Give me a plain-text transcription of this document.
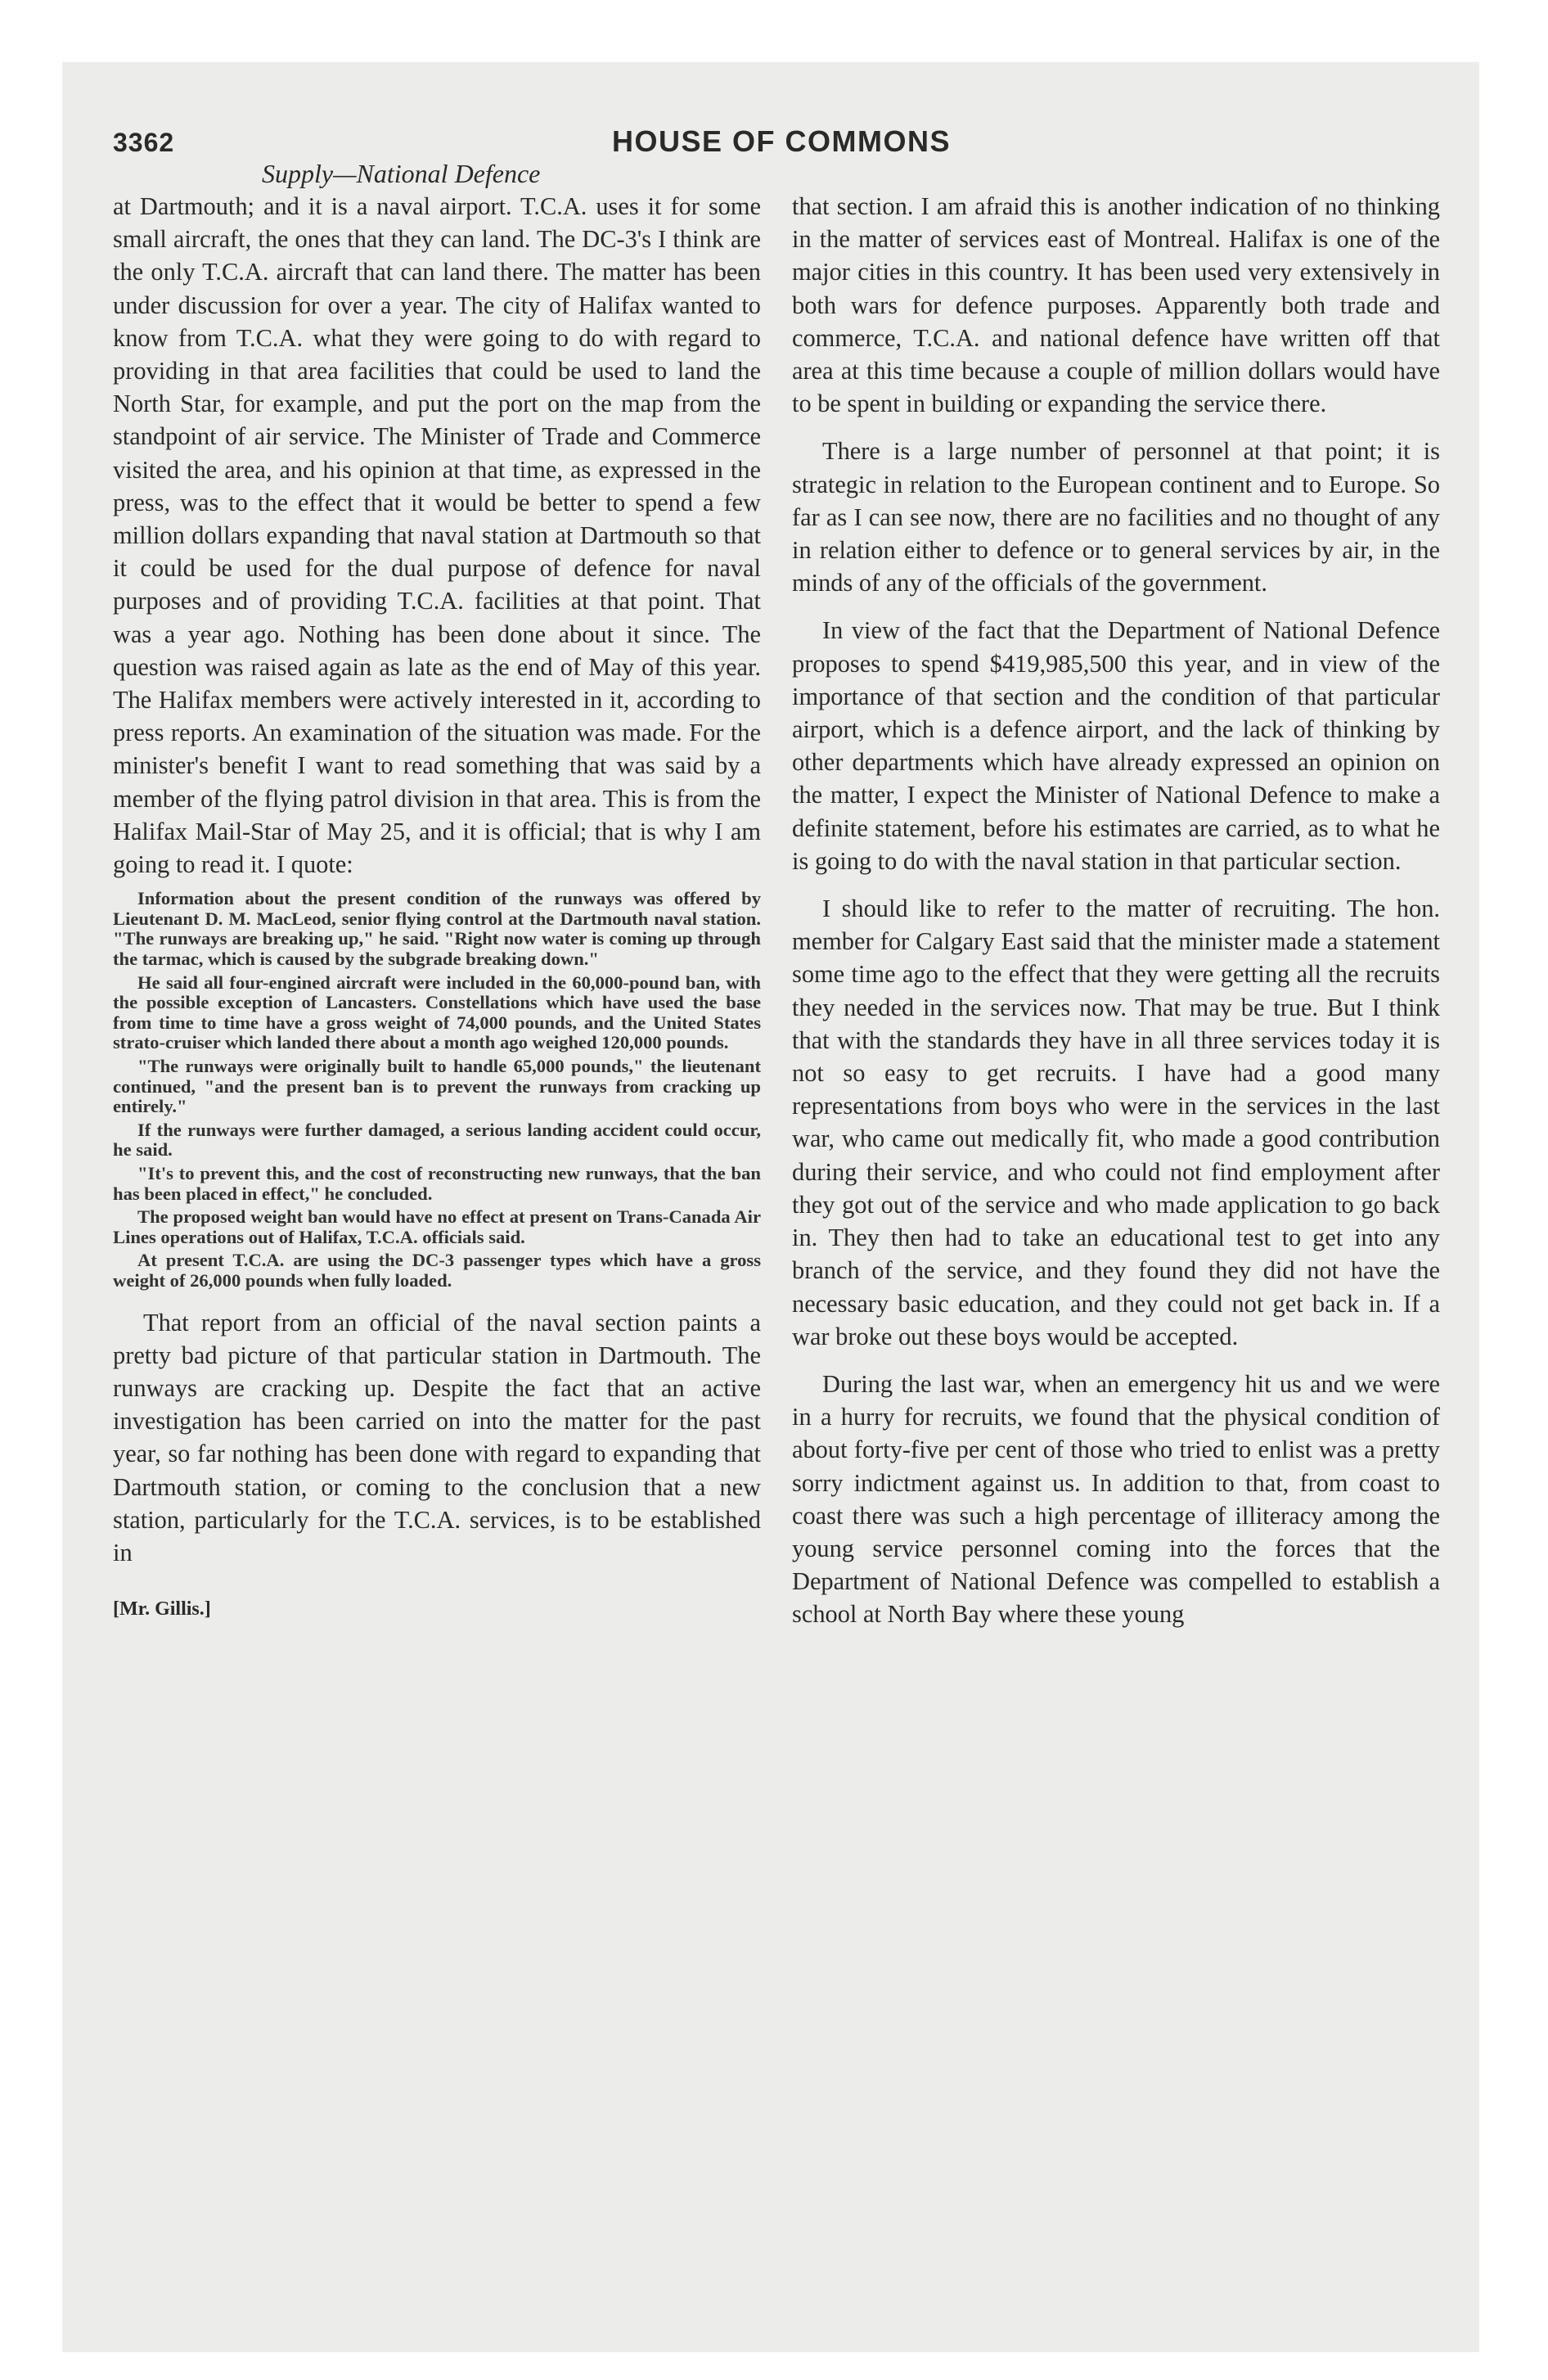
3362	HOUSE OF COMMONS
Supply—National Defence

at Dartmouth; and it is a naval airport. T.C.A. uses it for some small aircraft, the ones that they can land. The DC-3's I think are the only T.C.A. aircraft that can land there. The matter has been under discussion for over a year. The city of Halifax wanted to know from T.C.A. what they were going to do with regard to providing in that area facilities that could be used to land the North Star, for example, and put the port on the map from the standpoint of air service. The Minister of Trade and Commerce visited the area, and his opinion at that time, as expressed in the press, was to the effect that it would be better to spend a few million dollars expanding that naval station at Dartmouth so that it could be used for the dual purpose of defence for naval purposes and of providing T.C.A. facilities at that point. That was a year ago. Nothing has been done about it since. The question was raised again as late as the end of May of this year. The Halifax members were actively interested in it, according to press reports. An examination of the situation was made. For the minister's benefit I want to read something that was said by a member of the flying patrol division in that area. This is from the Halifax Mail-Star of May 25, and it is official; that is why I am going to read it. I quote:

Information about the present condition of the runways was offered by Lieutenant D. M. MacLeod, senior flying control at the Dartmouth naval station. "The runways are breaking up," he said. "Right now water is coming up through the tarmac, which is caused by the subgrade breaking down."

He said all four-engined aircraft were included in the 60,000-pound ban, with the possible exception of Lancasters. Constellations which have used the base from time to time have a gross weight of 74,000 pounds, and the United States strato-cruiser which landed there about a month ago weighed 120,000 pounds.

"The runways were originally built to handle 65,000 pounds," the lieutenant continued, "and the present ban is to prevent the runways from cracking up entirely."

If the runways were further damaged, a serious landing accident could occur, he said.

"It's to prevent this, and the cost of reconstructing new runways, that the ban has been placed in effect," he concluded.

The proposed weight ban would have no effect at present on Trans-Canada Air Lines operations out of Halifax, T.C.A. officials said.

At present T.C.A. are using the DC-3 passenger types which have a gross weight of 26,000 pounds when fully loaded.

That report from an official of the naval section paints a pretty bad picture of that particular station in Dartmouth. The runways are cracking up. Despite the fact that an active investigation has been carried on into the matter for the past year, so far nothing has been done with regard to expanding that Dartmouth station, or coming to the conclusion that a new station, particularly for the T.C.A. services, is to be established in

[Mr. Gillis.]

that section. I am afraid this is another indication of no thinking in the matter of services east of Montreal. Halifax is one of the major cities in this country. It has been used very extensively in both wars for defence purposes. Apparently both trade and commerce, T.C.A. and national defence have written off that area at this time because a couple of million dollars would have to be spent in building or expanding the service there.

There is a large number of personnel at that point; it is strategic in relation to the European continent and to Europe. So far as I can see now, there are no facilities and no thought of any in relation either to defence or to general services by air, in the minds of any of the officials of the government.

In view of the fact that the Department of National Defence proposes to spend $419,985,500 this year, and in view of the importance of that section and the condition of that particular airport, which is a defence airport, and the lack of thinking by other departments which have already expressed an opinion on the matter, I expect the Minister of National Defence to make a definite statement, before his estimates are carried, as to what he is going to do with the naval station in that particular section.

I should like to refer to the matter of recruiting. The hon. member for Calgary East said that the minister made a statement some time ago to the effect that they were getting all the recruits they needed in the services now. That may be true. But I think that with the standards they have in all three services today it is not so easy to get recruits. I have had a good many representations from boys who were in the services in the last war, who came out medically fit, who made a good contribution during their service, and who could not find employment after they got out of the service and who made application to go back in. They then had to take an educational test to get into any branch of the service, and they found they did not have the necessary basic education, and they could not get back in. If a war broke out these boys would be accepted.

During the last war, when an emergency hit us and we were in a hurry for recruits, we found that the physical condition of about forty-five per cent of those who tried to enlist was a pretty sorry indictment against us. In addition to that, from coast to coast there was such a high percentage of illiteracy among the young service personnel coming into the forces that the Department of National Defence was compelled to establish a school at North Bay where these young
